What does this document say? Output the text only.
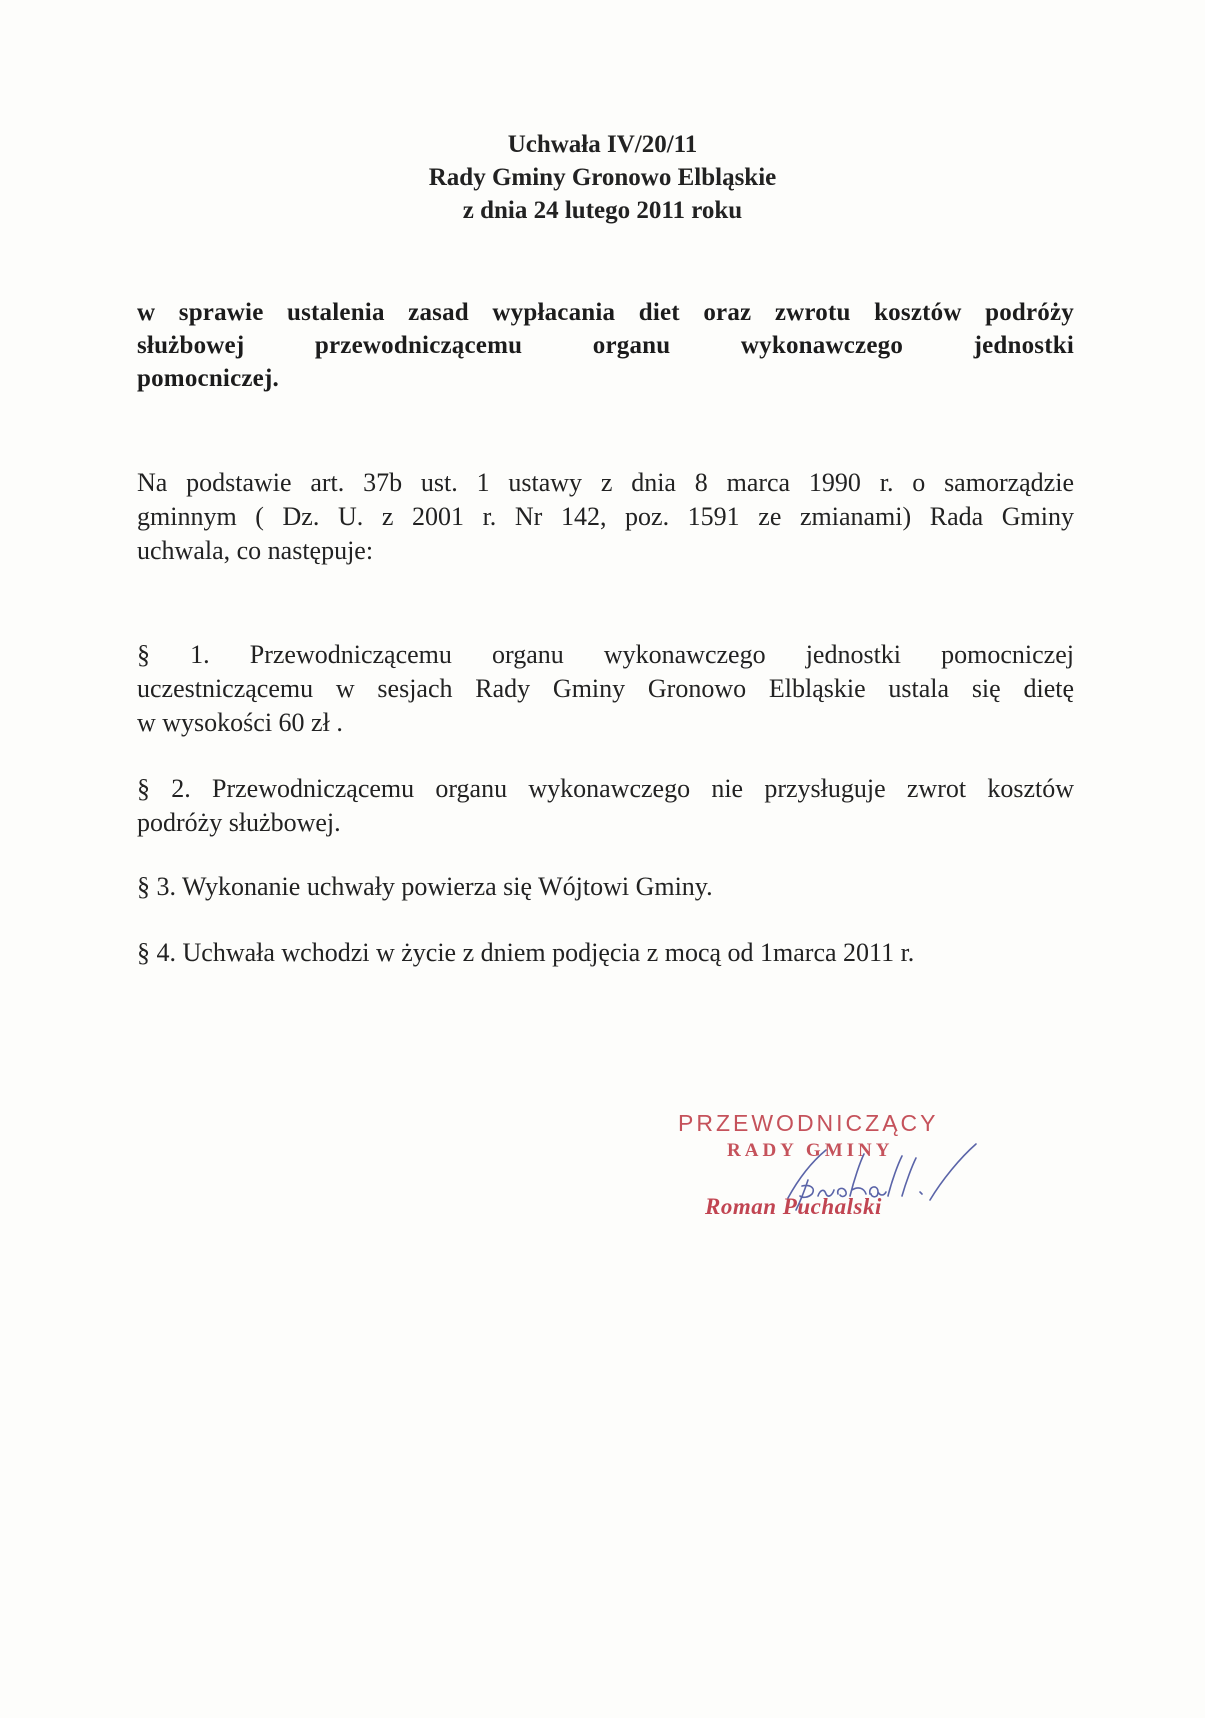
Uchwała IV/20/11
Rady Gminy Gronowo Elbląskie
z dnia 24 lutego 2011 roku
w sprawie ustalenia zasad wypłacania diet oraz zwrotu kosztów podróży
służbowej przewodniczącemu organu wykonawczego jednostki
pomocniczej.
Na podstawie art. 37b ust. 1 ustawy z dnia 8 marca 1990 r. o samorządzie
gminnym ( Dz. U. z 2001 r. Nr 142, poz. 1591 ze zmianami) Rada Gminy
uchwala, co następuje:
§ 1. Przewodniczącemu organu wykonawczego jednostki pomocniczej
uczestniczącemu w sesjach Rady Gminy Gronowo Elbląskie ustala się dietę
w wysokości 60 zł .
§ 2. Przewodniczącemu organu wykonawczego nie przysługuje zwrot kosztów
podróży służbowej.
§ 3. Wykonanie uchwały powierza się Wójtowi Gminy.
§ 4. Uchwała wchodzi w życie z dniem podjęcia z mocą od 1marca 2011 r.
PRZEWODNICZĄCY
RADY GMINY
Roman Puchalski
